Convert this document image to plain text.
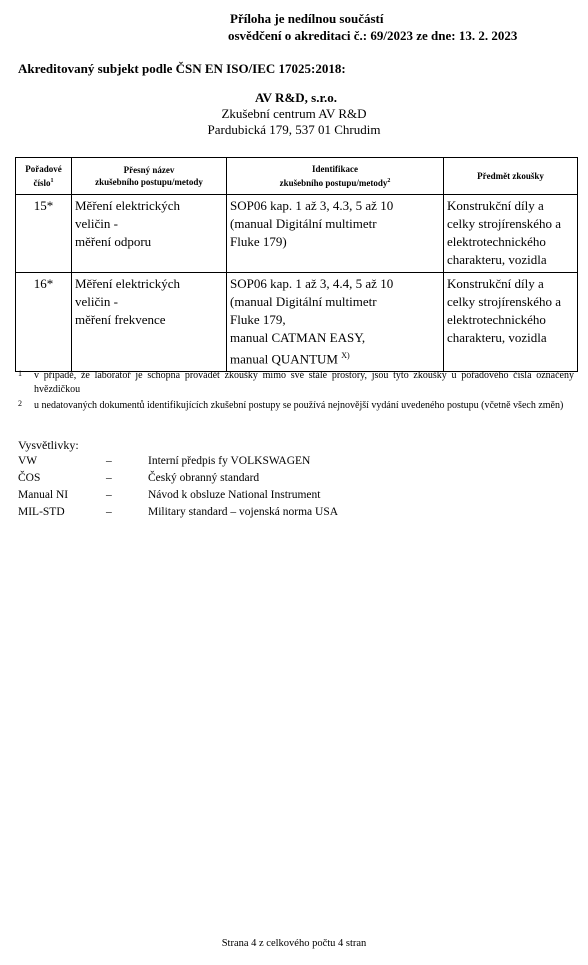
Příloha je nedílnou součástí
osvědčení o akreditaci č.: 69/2023 ze dne: 13. 2. 2023
Akreditovaný subjekt podle ČSN EN ISO/IEC 17025:2018:
AV R&D, s.r.o.
Zkušební centrum AV R&D
Pardubická 179, 537 01 Chrudim
Pořadové
číslo$^1$	Přesný název
zkušebního postupu/metody	Identifikace
zkušebního postupu/metody$^2$	Předmět zkoušky
15*	Měření elektrických
veličin -
měření odporu	SOP06 kap. 1 až 3, 4.3, 5 až 10
(manual Digitální multimetr
Fluke 179)	Konstrukční díly a celky strojírenského a elektrotechnického charakteru, vozidla
16*	Měření elektrických
veličin -
měření frekvence	SOP06 kap. 1 až 3, 4.4, 5 až 10
(manual Digitální multimetr
Fluke 179,
manual CATMAN EASY,
manual QUANTUM $^{X)}$	Konstrukční díly a celky strojírenského a elektrotechnického charakteru, vozidla
1 v případě, že laboratoř je schopna provádět zkoušky mimo své stálé prostory, jsou tyto zkoušky u pořadového čísla označeny hvězdičkou
2 u nedatovaných dokumentů identifikujících zkušební postupy se používá nejnovější vydání uvedeného postupu (včetně všech změn)
Vysvětlivky:
VW	–	Interní předpis fy VOLKSWAGEN
ČOS	–	Český obranný standard
Manual NI	–	Návod k obsluze National Instrument
MIL-STD	–	Military standard – vojenská norma USA
Strana 4 z celkového počtu 4 stran
